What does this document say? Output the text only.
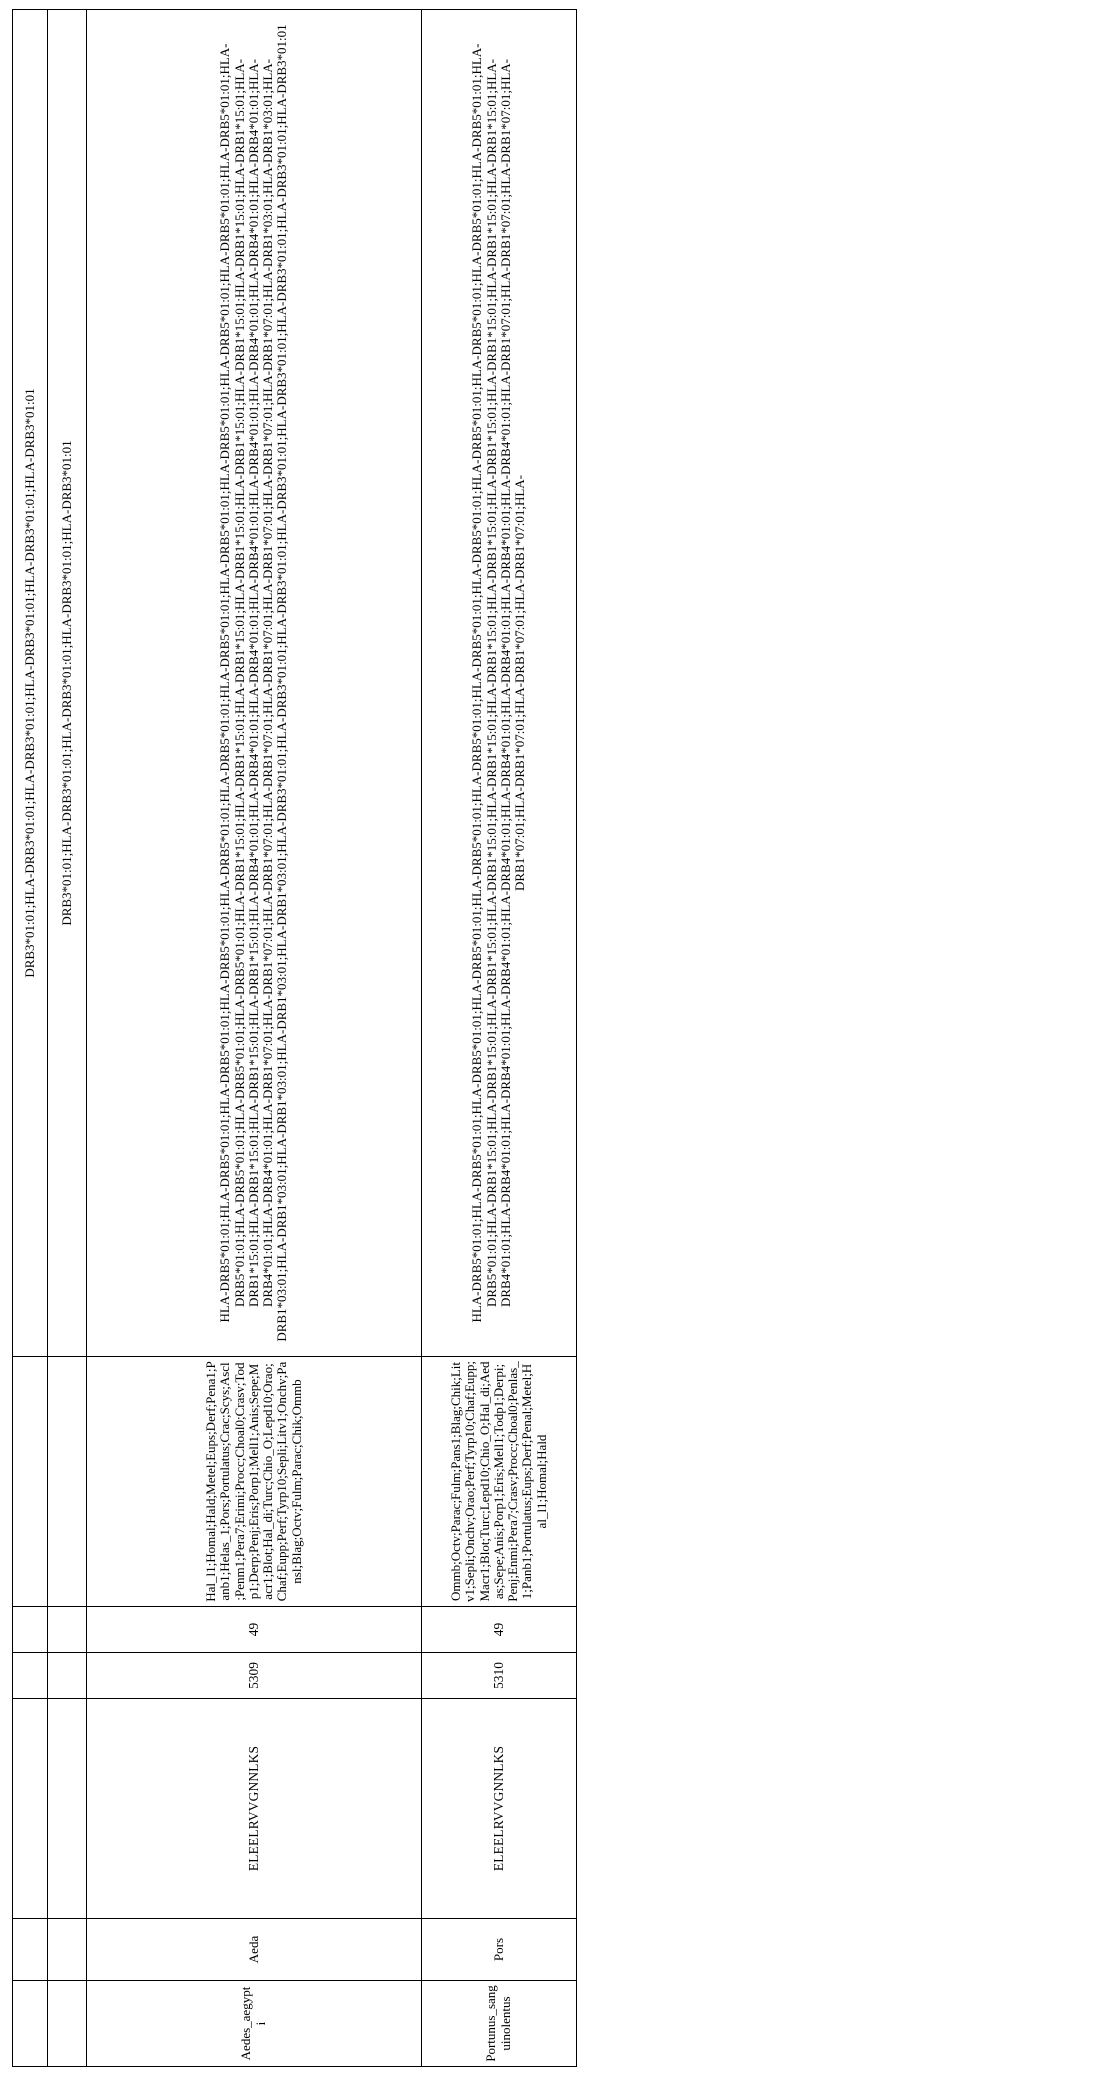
						DRB3*01:01;HLA-DRB3*01:01;HLA-DRB3*01:01;HLA-DRB3*01:01;HLA-DRB3*01:01;HLA-DRB3*01:01
						DRB3*01:01;HLA-DRB3*01:01;HLA-DRB3*01:01;HLA-DRB3*01:01;HLA-DRB3*01:01
Aedes_aegypti	Aeda	ELEELRVVGNNLKS	5309	49	Hal_l1;Homal;Hald;Metel;Eups;Derf;Pena1;Panb1;Helas_1;Pors;Portulatus;Crac;Scys;Ascl;Penm1;Pera7;Erimi;Procc;Choal0;Crasv;Todp1;Derp;Penj;Eris;Porp1;Mell1;Anis;Sepe;Macr1;Blot;Hal_di;Turc;Chio_O;Lepd10;Orao;Chaf;Eupp;Perf;Tyrp10;Sepli;Litv1;Onchv;Pansl;Blag;Octv;Fulm;Parac;Chik;Ommb	HLA-DRB5*01:01;HLA-DRB5*01:01;HLA-DRB5*01:01;HLA-DRB5*01:01;HLA-DRB5*01:01;HLA-DRB5*01:01;HLA-DRB5*01:01;HLA-DRB5*01:01;HLA-DRB5*01:01;HLA-DRB5*01:01;HLA-DRB5*01:01;HLA-DRB5*01:01;HLA-DRB5*01:01;HLA-DRB5*01:01;HLA-DRB5*01:01;HLA-DRB5*01:01;HLA-DRB1*15:01;HLA-DRB1*15:01;HLA-DRB1*15:01;HLA-DRB1*15:01;HLA-DRB1*15:01;HLA-DRB1*15:01;HLA-DRB1*15:01;HLA-DRB1*15:01;HLA-DRB1*15:01;HLA-DRB1*15:01;HLA-DRB1*15:01;HLA-DRB1*15:01;HLA-DRB4*01:01;HLA-DRB4*01:01;HLA-DRB4*01:01;HLA-DRB4*01:01;HLA-DRB4*01:01;HLA-DRB4*01:01;HLA-DRB4*01:01;HLA-DRB4*01:01;HLA-DRB4*01:01;HLA-DRB4*01:01;HLA-DRB1*07:01;HLA-DRB1*07:01;HLA-DRB1*07:01;HLA-DRB1*07:01;HLA-DRB1*07:01;HLA-DRB1*07:01;HLA-DRB1*07:01;HLA-DRB1*07:01;HLA-DRB1*03:01;HLA-DRB1*03:01;HLA-DRB1*03:01;HLA-DRB1*03:01;HLA-DRB1*03:01;HLA-DRB1*03:01;HLA-DRB1*03:01;HLA-DRB3*01:01;HLA-DRB3*01:01;HLA-DRB3*01:01;HLA-DRB3*01:01;HLA-DRB3*01:01;HLA-DRB3*01:01;HLA-DRB3*01:01;HLA-DRB3*01:01
Portunus_sanguinolentus	Pors	ELEELRVVGNNLKS	5310	49	Ommb;Octv;Parac;Fulm;Pans1;Blag;Chik;Litv1;Sepli;Onchv;Orao;Perf;Tyrp10;Chaf;Eupp;Macr1;Blot;Turc;Lepd10;Chio_O;Hal_di;Aedas;Sepe;Anis;Porp1;Eris;Mell1;Todp1;Derpi;Penj;Enmi;Pera7;Crasv;Procc;Choal0;Penlas_1;Panb1;Portulatus;Eups;Derf;Penal;Metel;Hal_l1;Homal;Hald	HLA-DRB5*01:01;HLA-DRB5*01:01;HLA-DRB5*01:01;HLA-DRB5*01:01;HLA-DRB5*01:01;HLA-DRB5*01:01;HLA-DRB5*01:01;HLA-DRB5*01:01;HLA-DRB5*01:01;HLA-DRB5*01:01;HLA-DRB5*01:01;HLA-DRB5*01:01;HLA-DRB5*01:01;HLA-DRB1*15:01;HLA-DRB1*15:01;HLA-DRB1*15:01;HLA-DRB1*15:01;HLA-DRB1*15:01;HLA-DRB1*15:01;HLA-DRB1*15:01;HLA-DRB1*15:01;HLA-DRB1*15:01;HLA-DRB1*15:01;HLA-DRB1*15:01;HLA-DRB4*01:01;HLA-DRB4*01:01;HLA-DRB4*01:01;HLA-DRB4*01:01;HLA-DRB4*01:01;HLA-DRB4*01:01;HLA-DRB4*01:01;HLA-DRB4*01:01;HLA-DRB4*01:01;HLA-DRB1*07:01;HLA-DRB1*07:01;HLA-DRB1*07:01;HLA-DRB1*07:01;HLA-DRB1*07:01;HLA-DRB1*07:01;HLA-DRB1*07:01;HLA-
